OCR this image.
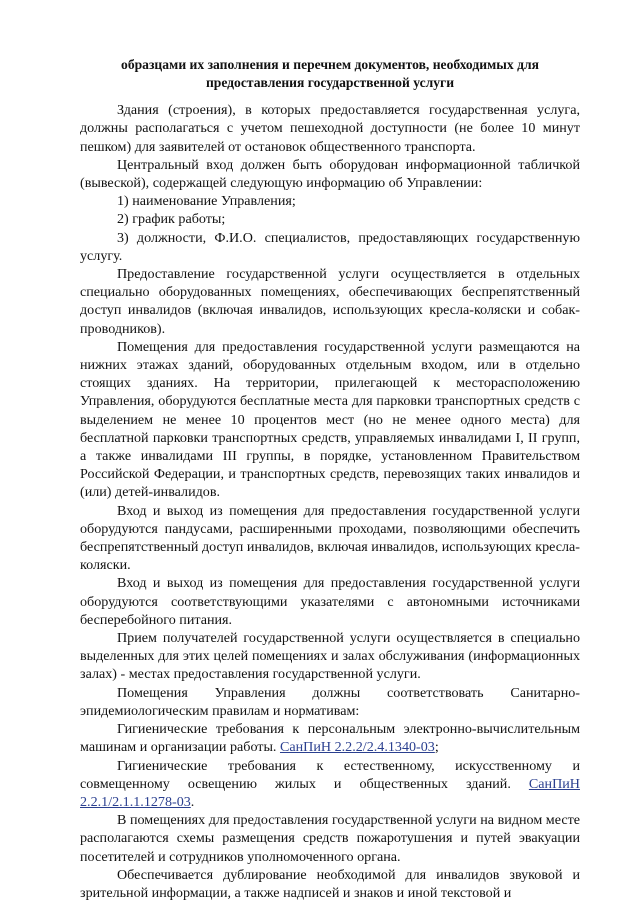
образцами их заполнения и перечнем документов, необходимых для
предоставления государственной услуги

Здания (строения), в которых предоставляется государственная услуга, должны располагаться с учетом пешеходной доступности (не более 10 минут пешком) для заявителей от остановок общественного транспорта.

Центральный вход должен быть оборудован информационной табличкой (вывеской), содержащей следующую информацию об Управлении:

1) наименование Управления;

2) график работы;

3) должности, Ф.И.О. специалистов, предоставляющих государственную услугу.

Предоставление государственной услуги осуществляется в отдельных специально оборудованных помещениях, обеспечивающих беспрепятственный доступ инвалидов (включая инвалидов, использующих кресла-коляски и собак-проводников).

Помещения для предоставления государственной услуги размещаются на нижних этажах зданий, оборудованных отдельным входом, или в отдельно стоящих зданиях. На территории, прилегающей к месторасположению Управления, оборудуются бесплатные места для парковки транспортных средств с выделением не менее 10 процентов мест (но не менее одного места) для бесплатной парковки транспортных средств, управляемых инвалидами I, II групп, а также инвалидами III группы, в порядке, установленном Правительством Российской Федерации, и транспортных средств, перевозящих таких инвалидов и (или) детей-инвалидов.

Вход и выход из помещения для предоставления государственной услуги оборудуются пандусами, расширенными проходами, позволяющими обеспечить беспрепятственный доступ инвалидов, включая инвалидов, использующих кресла-коляски.

Вход и выход из помещения для предоставления государственной услуги оборудуются соответствующими указателями с автономными источниками бесперебойного питания.

Прием получателей государственной услуги осуществляется в специально выделенных для этих целей помещениях и залах обслуживания (информационных залах) - местах предоставления государственной услуги.

Помещения Управления должны соответствовать Санитарно-эпидемиологическим правилам и нормативам:

Гигиенические требования к персональным электронно-вычислительным машинам и организации работы. СанПиН 2.2.2/2.4.1340-03;

Гигиенические требования к естественному, искусственному и совмещенному освещению жилых и общественных зданий. СанПиН 2.2.1/2.1.1.1278-03.

В помещениях для предоставления государственной услуги на видном месте располагаются схемы размещения средств пожаротушения и путей эвакуации посетителей и сотрудников уполномоченного органа.

Обеспечивается дублирование необходимой для инвалидов звуковой и зрительной информации, а также надписей и знаков и иной текстовой и
